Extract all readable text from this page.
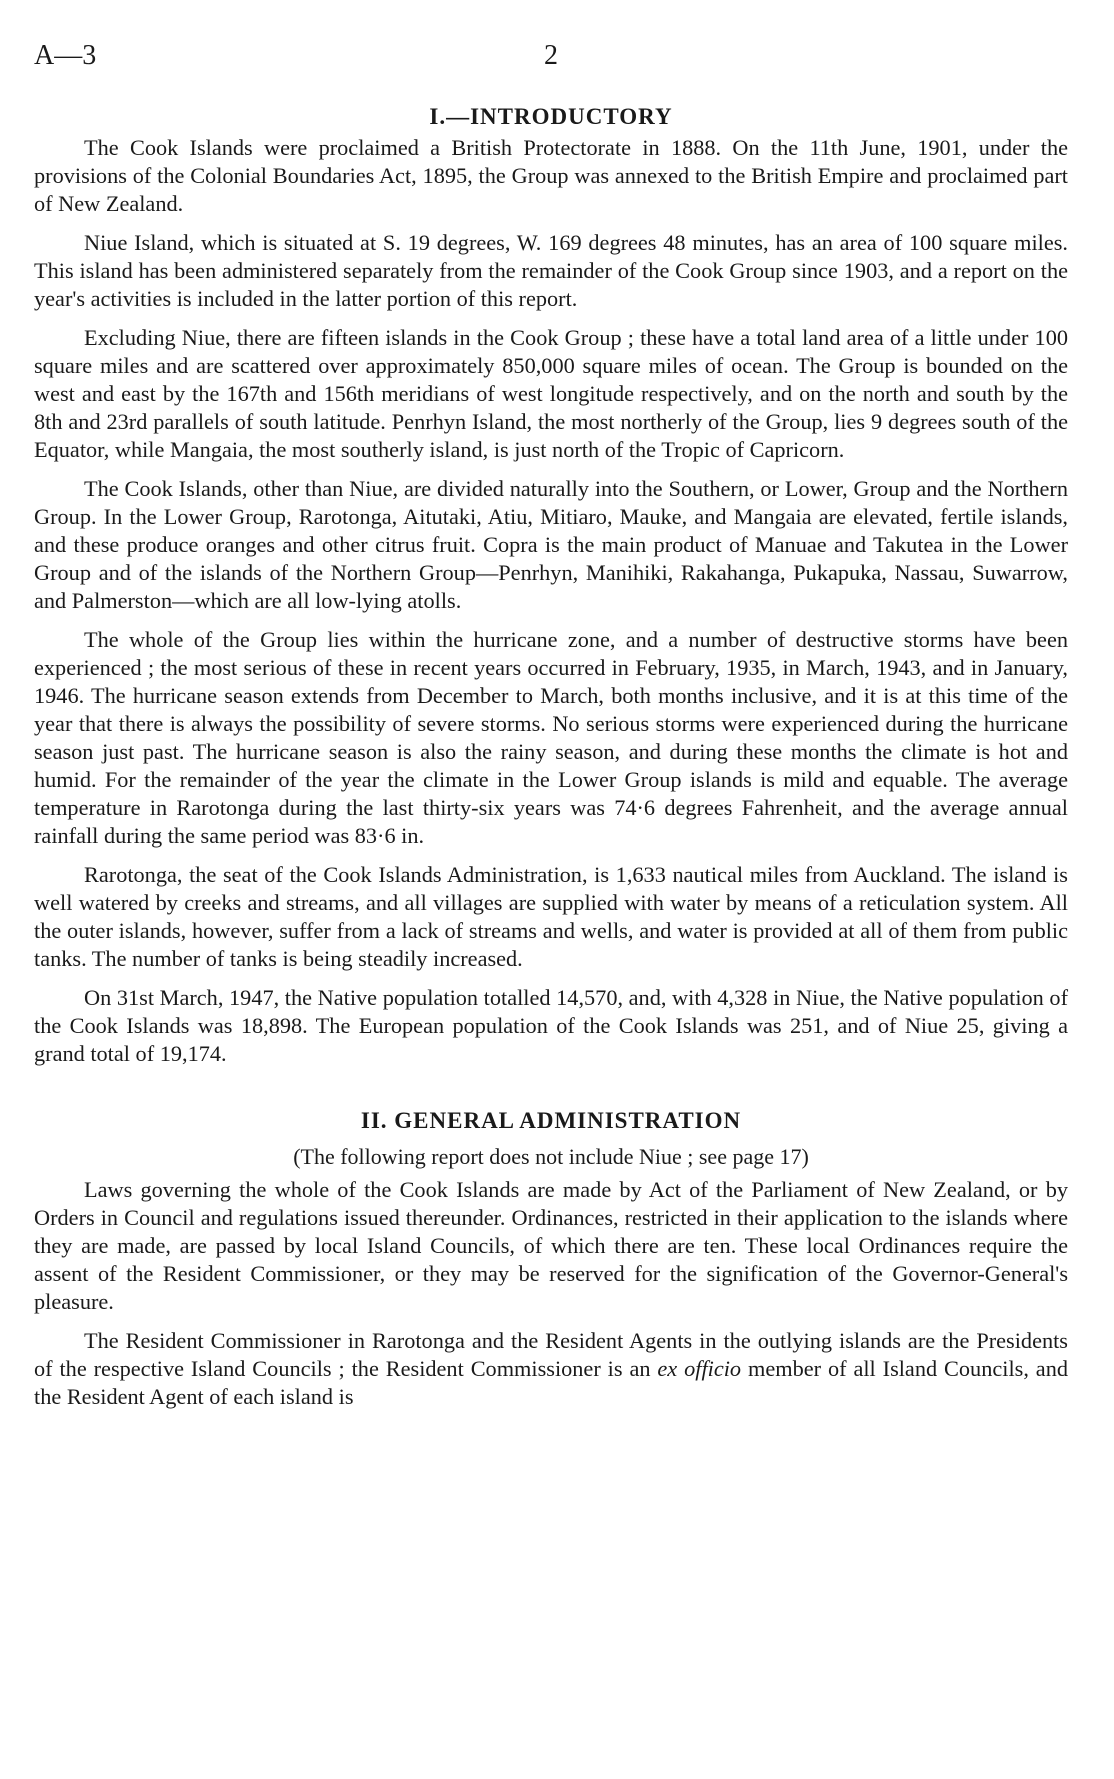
A—3	2
I.—INTRODUCTORY

The Cook Islands were proclaimed a British Protectorate in 1888. On the 11th June, 1901, under the provisions of the Colonial Boundaries Act, 1895, the Group was annexed to the British Empire and proclaimed part of New Zealand.

Niue Island, which is situated at S. 19 degrees, W. 169 degrees 48 minutes, has an area of 100 square miles. This island has been administered separately from the remainder of the Cook Group since 1903, and a report on the year's activities is included in the latter portion of this report.

Excluding Niue, there are fifteen islands in the Cook Group ; these have a total land area of a little under 100 square miles and are scattered over approximately 850,000 square miles of ocean. The Group is bounded on the west and east by the 167th and 156th meridians of west longitude respectively, and on the north and south by the 8th and 23rd parallels of south latitude. Penrhyn Island, the most northerly of the Group, lies 9 degrees south of the Equator, while Mangaia, the most southerly island, is just north of the Tropic of Capricorn.

The Cook Islands, other than Niue, are divided naturally into the Southern, or Lower, Group and the Northern Group. In the Lower Group, Rarotonga, Aitutaki, Atiu, Mitiaro, Mauke, and Mangaia are elevated, fertile islands, and these produce oranges and other citrus fruit. Copra is the main product of Manuae and Takutea in the Lower Group and of the islands of the Northern Group—Penrhyn, Manihiki, Rakahanga, Pukapuka, Nassau, Suwarrow, and Palmerston—which are all low-lying atolls.

The whole of the Group lies within the hurricane zone, and a number of destructive storms have been experienced ; the most serious of these in recent years occurred in February, 1935, in March, 1943, and in January, 1946. The hurricane season extends from December to March, both months inclusive, and it is at this time of the year that there is always the possibility of severe storms. No serious storms were experienced during the hurricane season just past. The hurricane season is also the rainy season, and during these months the climate is hot and humid. For the remainder of the year the climate in the Lower Group islands is mild and equable. The average temperature in Rarotonga during the last thirty-six years was 74·6 degrees Fahrenheit, and the average annual rainfall during the same period was 83·6 in.

Rarotonga, the seat of the Cook Islands Administration, is 1,633 nautical miles from Auckland. The island is well watered by creeks and streams, and all villages are supplied with water by means of a reticulation system. All the outer islands, however, suffer from a lack of streams and wells, and water is provided at all of them from public tanks. The number of tanks is being steadily increased.

On 31st March, 1947, the Native population totalled 14,570, and, with 4,328 in Niue, the Native population of the Cook Islands was 18,898. The European population of the Cook Islands was 251, and of Niue 25, giving a grand total of 19,174.

II. GENERAL ADMINISTRATION
(The following report does not include Niue ; see page 17)

Laws governing the whole of the Cook Islands are made by Act of the Parliament of New Zealand, or by Orders in Council and regulations issued thereunder. Ordinances, restricted in their application to the islands where they are made, are passed by local Island Councils, of which there are ten. These local Ordinances require the assent of the Resident Commissioner, or they may be reserved for the signification of the Governor-General's pleasure.

The Resident Commissioner in Rarotonga and the Resident Agents in the outlying islands are the Presidents of the respective Island Councils ; the Resident Commissioner is an ex officio member of all Island Councils, and the Resident Agent of each island is
